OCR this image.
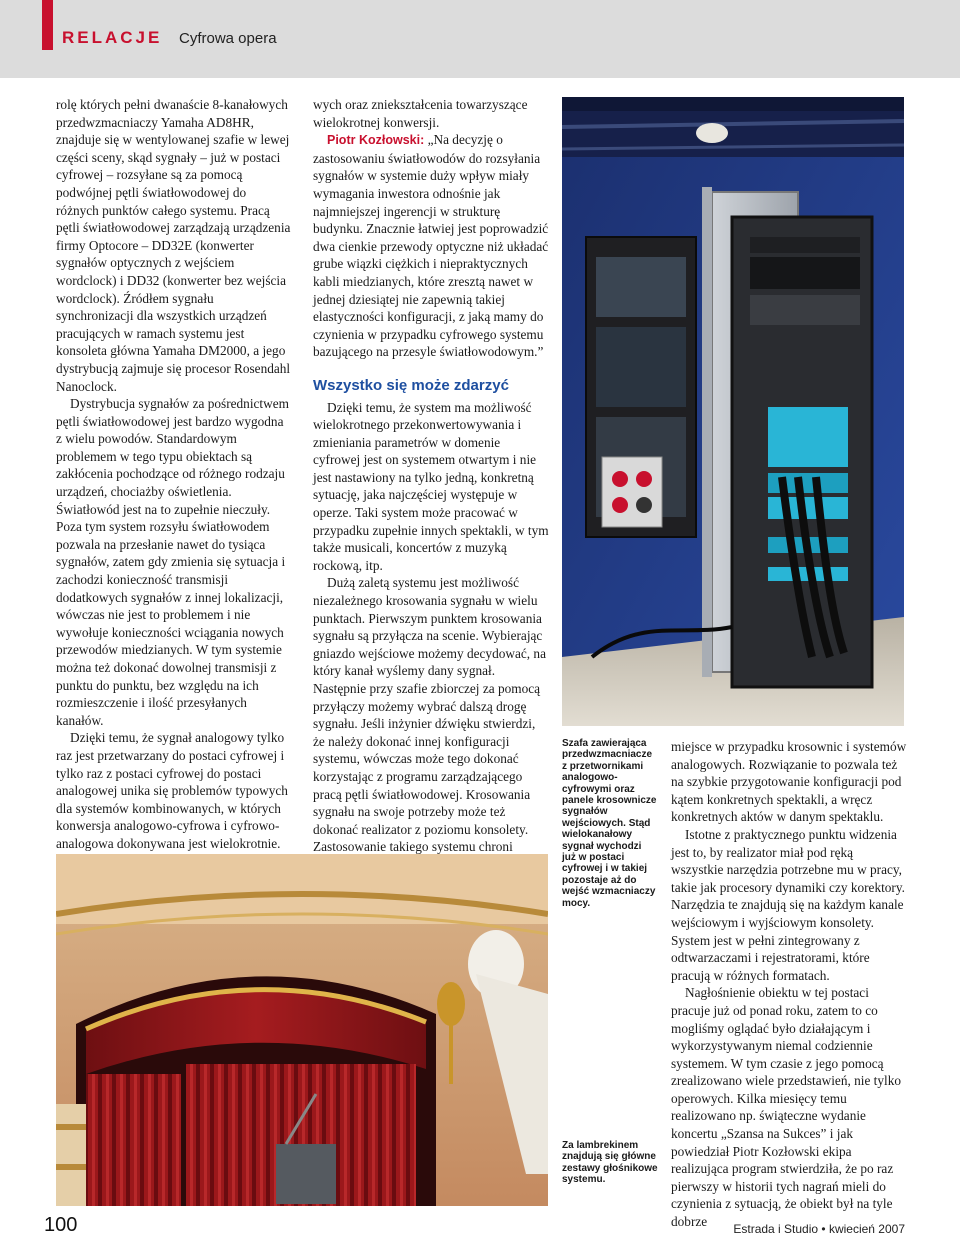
RELACJE Cyfrowa opera

rolę których pełni dwanaście 8-kanałowych przedwzmacniaczy Yamaha AD8HR, znajduje się w wentylowanej szafie w lewej części sceny, skąd sygnały – już w postaci cyfrowej – rozsyłane są za pomocą podwójnej pętli światłowodowej do różnych punktów całego systemu. Pracą pętli światłowodowej zarządzają urządzenia firmy Optocore – DD32E (konwerter sygnałów optycznych z wejściem wordclock) i DD32 (konwerter bez wejścia wordclock). Źródłem sygnału synchronizacji dla wszystkich urządzeń pracujących w ramach systemu jest konsoleta główna Yamaha DM2000, a jego dystrybucją zajmuje się procesor Rosendahl Nanoclock.

Dystrybucja sygnałów za pośrednictwem pętli światłowodowej jest bardzo wygodna z wielu powodów. Standardowym problemem w tego typu obiektach są zakłócenia pochodzące od różnego rodzaju urządzeń, chociażby oświetlenia. Światłowód jest na to zupełnie nieczuły. Poza tym system rozsyłu światłowodem pozwala na przesłanie nawet do tysiąca sygnałów, zatem gdy zmienia się sytuacja i zachodzi konieczność transmisji dodatkowych sygnałów z innej lokalizacji, wówczas nie jest to problemem i nie wywołuje konieczności wciągania nowych przewodów miedzianych. W tym systemie można też dokonać dowolnej transmisji z punktu do punktu, bez względu na ich rozmieszczenie i ilość przesyłanych kanałów.

Dzięki temu, że sygnał analogowy tylko raz jest przetwarzany do postaci cyfrowej i tylko raz z postaci cyfrowej do postaci analogowej unika się problemów typowych dla systemów kombinowanych, w których konwersja analogowo-cyfrowa i cyfrowo-analogowa dokonywana jest wielokrotnie.

wych oraz zniekształcenia towarzyszące wielokrotnej konwersji.

Piotr Kozłowski: „Na decyzję o zastosowaniu światłowodów do rozsyłania sygnałów w systemie duży wpływ miały wymagania inwestora odnośnie jak najmniejszej ingerencji w strukturę budynku. Znacznie łatwiej jest poprowadzić dwa cienkie przewody optyczne niż układać grube wiązki ciężkich i niepraktycznych kabli miedzianych, które zresztą nawet w jednej dziesiątej nie zapewnią takiej elastyczności konfiguracji, z jaką mamy do czynienia w przypadku cyfrowego systemu bazującego na przesyle światłowodowym.”

Wszystko się może zdarzyć

Dzięki temu, że system ma możliwość wielokrotnego przekonwertowywania i zmieniania parametrów w domenie cyfrowej jest on systemem otwartym i nie jest nastawiony na tylko jedną, konkretną sytuację, jaka najczęściej występuje w operze. Taki system może pracować w przypadku zupełnie innych spektakli, w tym także musicali, koncertów z muzyką rockową, itp.

Dużą zaletą systemu jest możliwość niezależnego krosowania sygnału w wielu punktach. Pierwszym punktem krosowania sygnału są przyłącza na scenie. Wybierając gniazdo wejściowe możemy decydować, na który kanał wyślemy dany sygnał. Następnie przy szafie zbiorczej za pomocą przyłączy możemy wybrać dalszą drogę sygnału. Jeśli inżynier dźwięku stwierdzi, że należy dokonać innej konfiguracji systemu, wówczas może tego dokonać korzystając z programu zarządzającego pracą pętli światłowodowej. Krosowania sygnału na swoje potrzeby może też dokonać realizator z poziomu konsolety. Zastosowanie takiego systemu chroni

Szafa zawierająca przedwzmacniacze z przetwornikami analogowo-cyfrowymi oraz panele krosownicze sygnałów wejściowych. Stąd wielokanałowy sygnał wychodzi już w postaci cyfrowej i w takiej pozostaje aż do wejść wzmacniaczy mocy.
Za lambrekinem znajdują się główne zestawy głośnikowe systemu.

miejsce w przypadku krosownic i systemów analogowych. Rozwiązanie to pozwala też na szybkie przygotowanie konfiguracji pod kątem konkretnych spektakli, a wręcz konkretnych aktów w danym spektaklu.

Istotne z praktycznego punktu widzenia jest to, by realizator miał pod ręką wszystkie narzędzia potrzebne mu w pracy, takie jak procesory dynamiki czy korektory. Narzędzia te znajdują się na każdym kanale wejściowym i wyjściowym konsolety. System jest w pełni zintegrowany z odtwarzaczami i rejestratorami, które pracują w różnych formatach.

Nagłośnienie obiektu w tej postaci pracuje już od ponad roku, zatem to co mogliśmy oglądać było działającym i wykorzystywanym niemal codziennie systemem. W tym czasie z jego pomocą zrealizowano wiele przedstawień, nie tylko operowych. Kilka miesięcy temu realizowano np. świąteczne wydanie koncertu „Szansa na Sukces” i jak powiedział Piotr Kozłowski ekipa realizująca program stwierdziła, że po raz pierwszy w historii tych nagrań mieli do czynienia z sytuacją, że obiekt był na tyle dobrze

100	Estrada i Studio • kwiecień 2007
